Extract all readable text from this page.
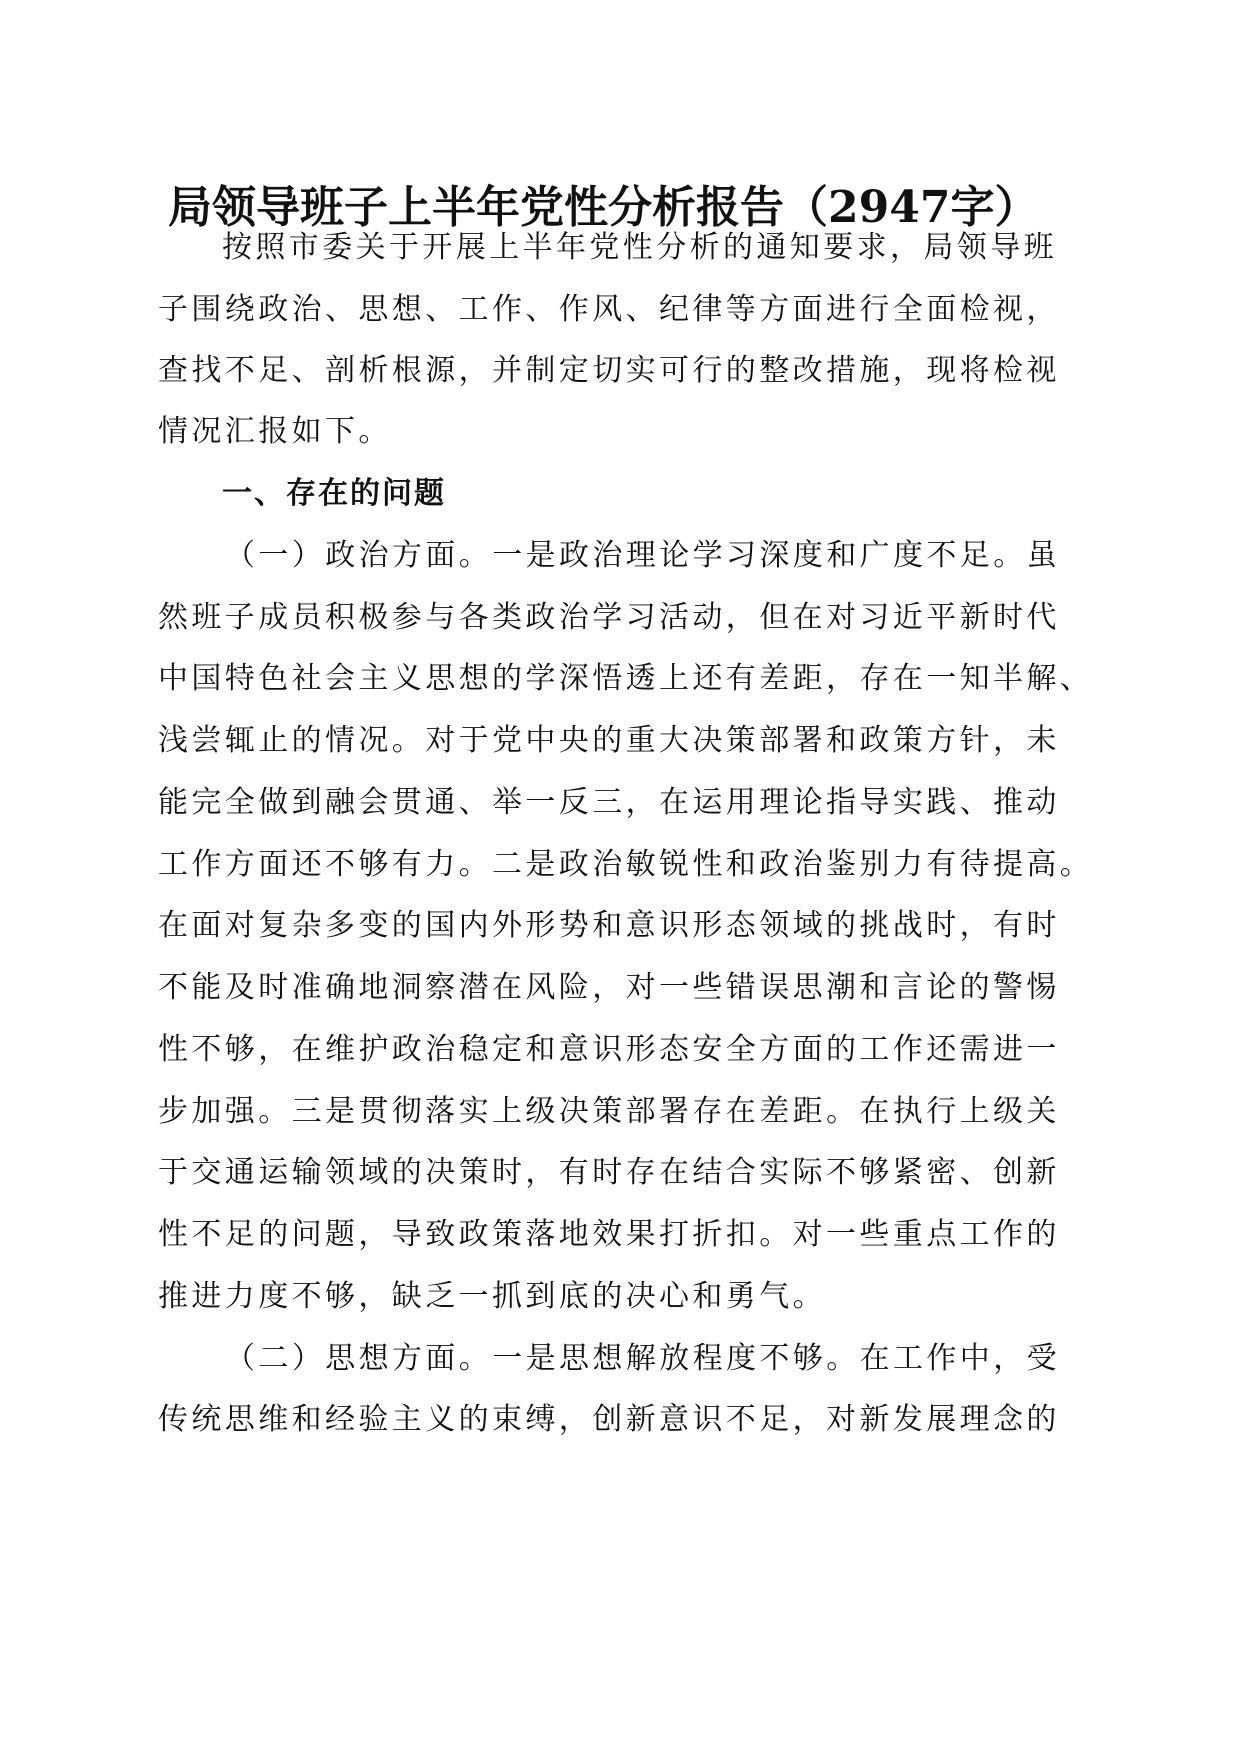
局领导班子上半年党性分析报告（2947字）
按照市委关于开展上半年党性分析的通知要求，局领导班
子围绕政治、思想、工作、作风、纪律等方面进行全面检视，
查找不足、剖析根源，并制定切实可行的整改措施，现将检视
情况汇报如下。
一、存在的问题
（一）政治方面。一是政治理论学习深度和广度不足。虽
然班子成员积极参与各类政治学习活动，但在对习近平新时代
中国特色社会主义思想的学深悟透上还有差距，存在一知半解、
浅尝辄止的情况。对于党中央的重大决策部署和政策方针，未
能完全做到融会贯通、举一反三，在运用理论指导实践、推动
工作方面还不够有力。二是政治敏锐性和政治鉴别力有待提高。
在面对复杂多变的国内外形势和意识形态领域的挑战时，有时
不能及时准确地洞察潜在风险，对一些错误思潮和言论的警惕
性不够，在维护政治稳定和意识形态安全方面的工作还需进一
步加强。三是贯彻落实上级决策部署存在差距。在执行上级关
于交通运输领域的决策时，有时存在结合实际不够紧密、创新
性不足的问题，导致政策落地效果打折扣。对一些重点工作的
推进力度不够，缺乏一抓到底的决心和勇气。
（二）思想方面。一是思想解放程度不够。在工作中，受
传统思维和经验主义的束缚，创新意识不足，对新发展理念的
